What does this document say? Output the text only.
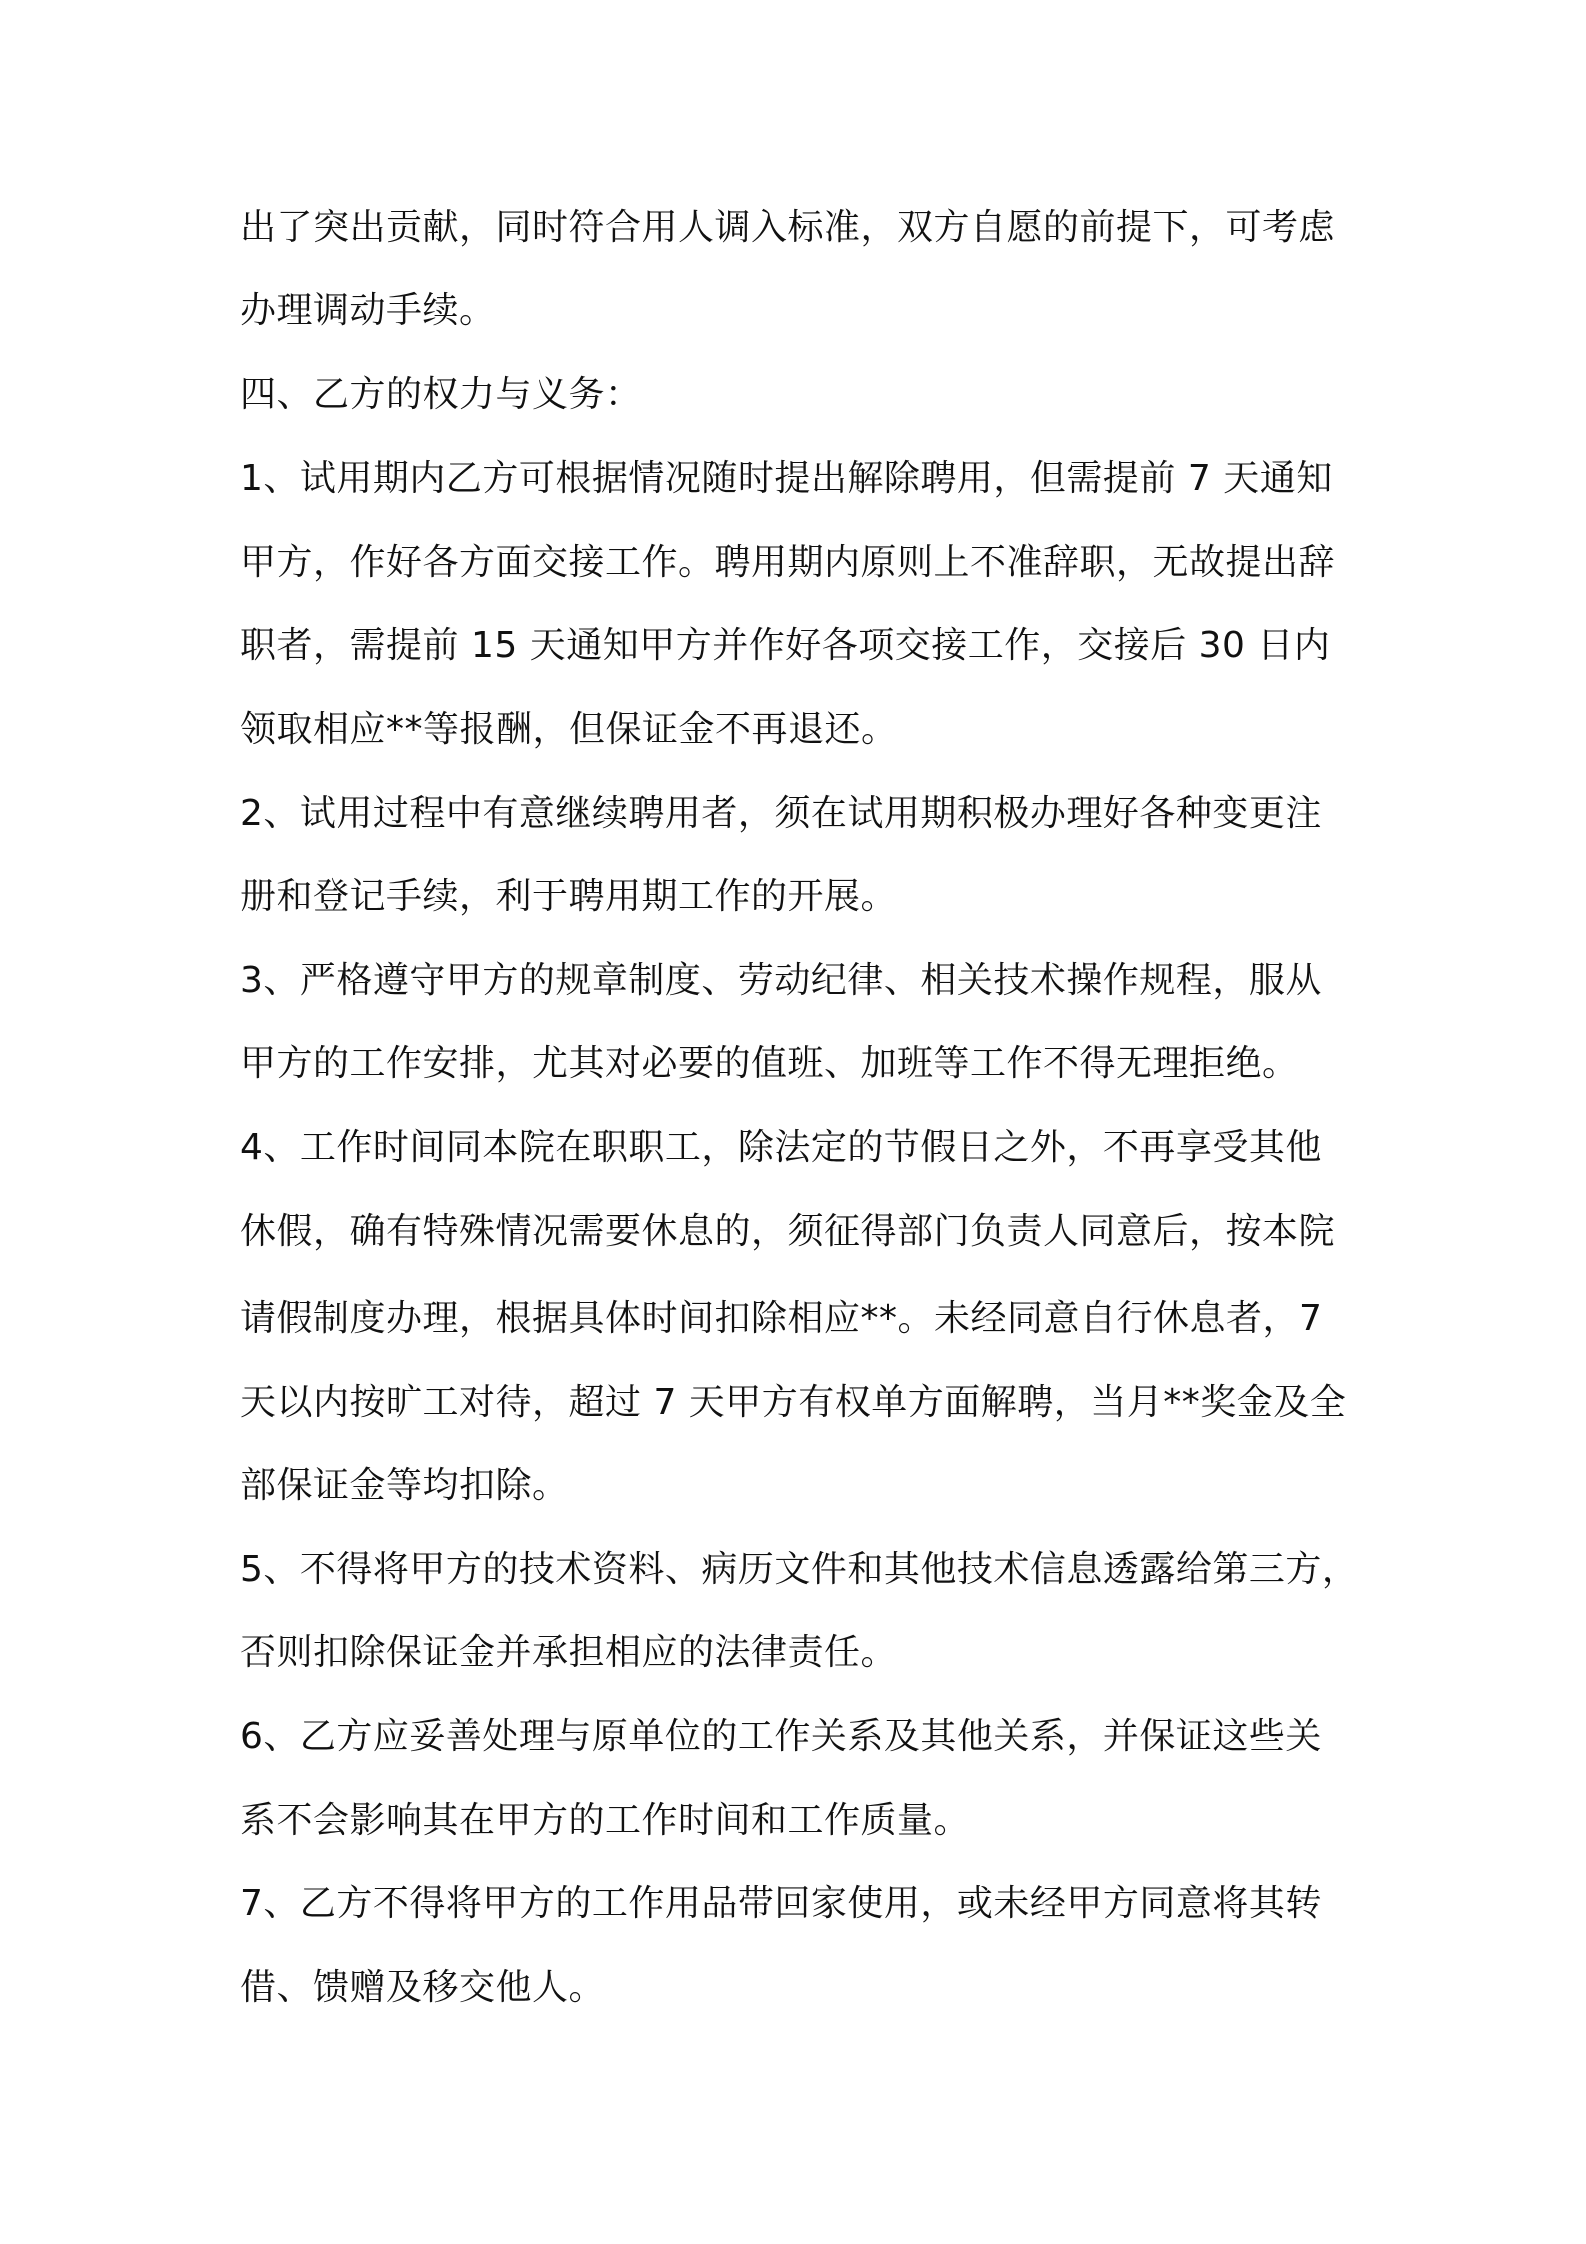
出了突出贡献，同时符合用人调入标准，双方自愿的前提下，可考虑
办理调动手续。
四、乙方的权力与义务：
1、试用期内乙方可根据情况随时提出解除聘用，但需提前 7 天通知
甲方，作好各方面交接工作。聘用期内原则上不准辞职，无故提出辞
职者，需提前 15 天通知甲方并作好各项交接工作，交接后 30 日内
领取相应**等报酬，但保证金不再退还。
2、试用过程中有意继续聘用者，须在试用期积极办理好各种变更注
册和登记手续，利于聘用期工作的开展。
3、严格遵守甲方的规章制度、劳动纪律、相关技术操作规程，服从
甲方的工作安排，尤其对必要的值班、加班等工作不得无理拒绝。
4、工作时间同本院在职职工，除法定的节假日之外，不再享受其他
休假，确有特殊情况需要休息的，须征得部门负责人同意后，按本院
请假制度办理，根据具体时间扣除相应**。未经同意自行休息者，7
天以内按旷工对待，超过 7 天甲方有权单方面解聘，当月**奖金及全
部保证金等均扣除。
5、不得将甲方的技术资料、病历文件和其他技术信息透露给第三方，
否则扣除保证金并承担相应的法律责任。
6、乙方应妥善处理与原单位的工作关系及其他关系，并保证这些关
系不会影响其在甲方的工作时间和工作质量。
7、乙方不得将甲方的工作用品带回家使用，或未经甲方同意将其转
借、馈赠及移交他人。
